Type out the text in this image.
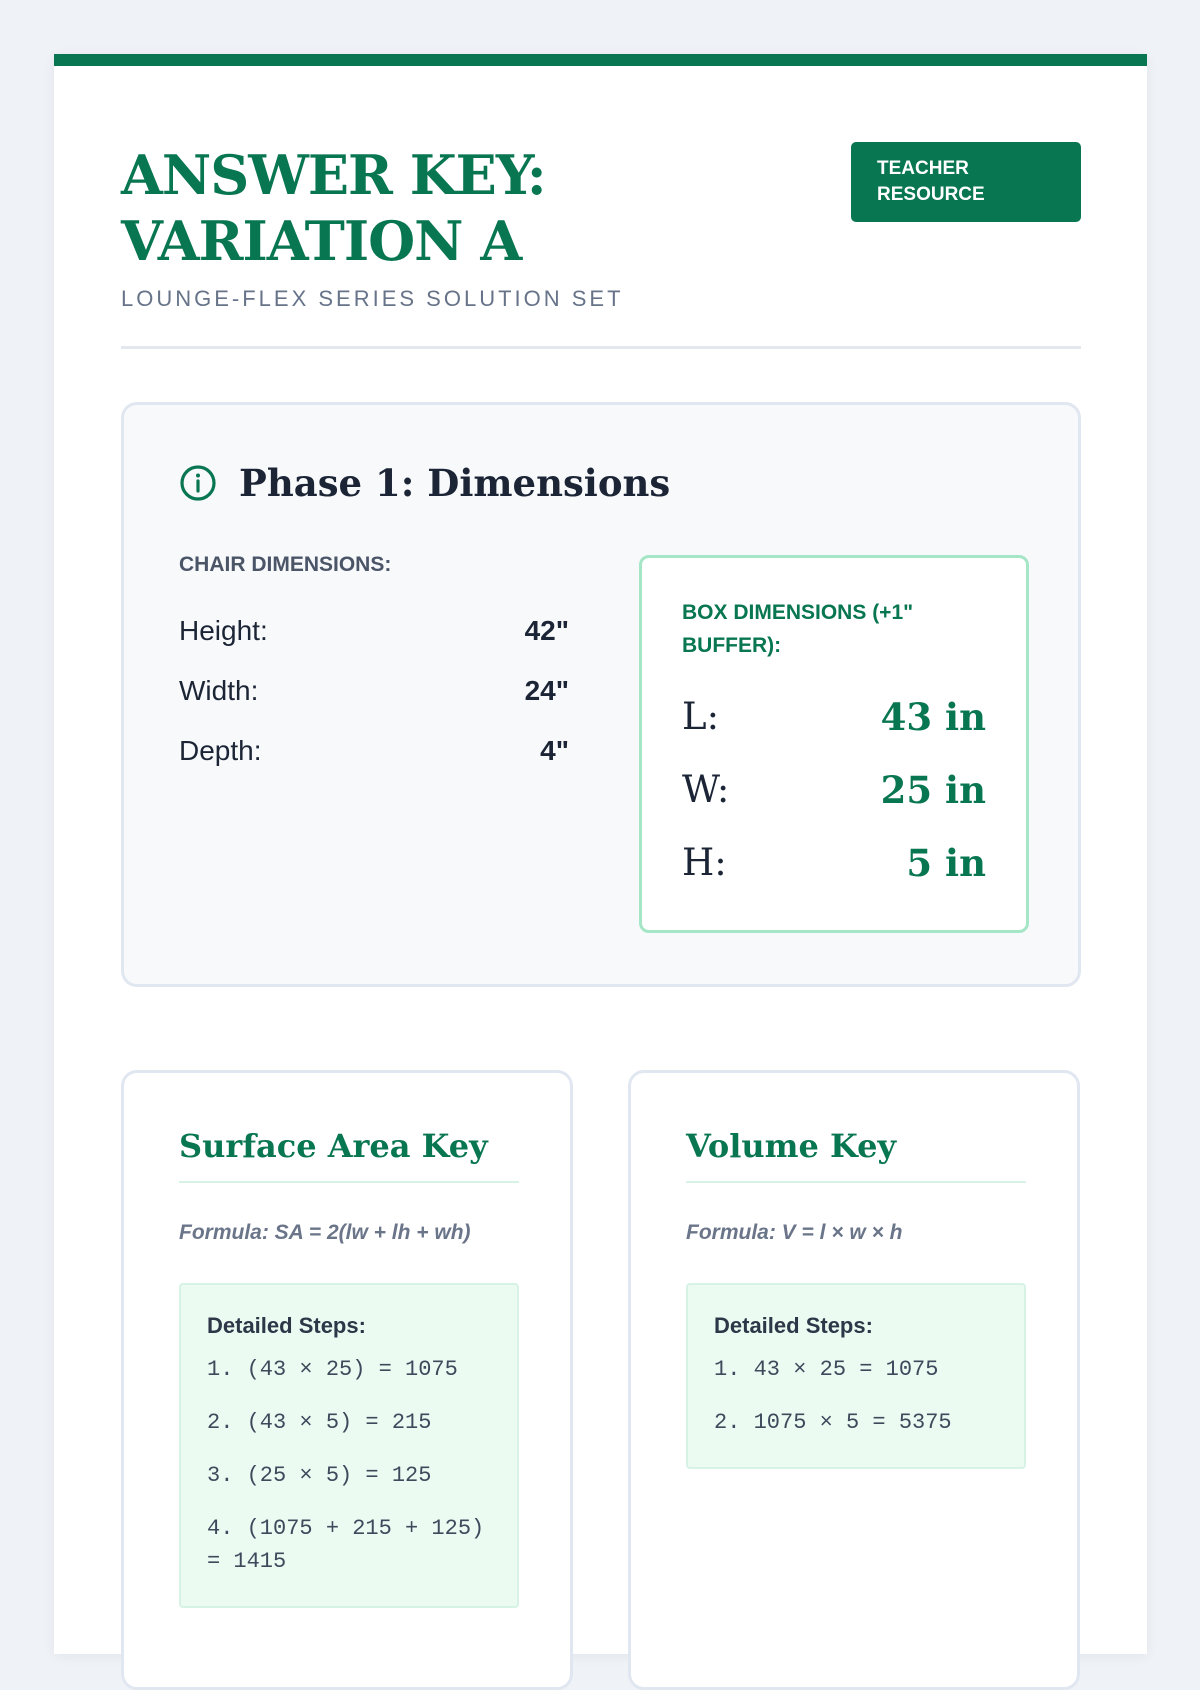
ANSWER KEY:
VARIATION A
LOUNGE-FLEX SERIES SOLUTION SET
TEACHER
RESOURCE
Phase 1: Dimensions
CHAIR DIMENSIONS:
Height:	42"
Width:	24"
Depth:	4"
BOX DIMENSIONS (+1" BUFFER):
L:	43 in
W:	25 in
H:	5 in
Surface Area Key
Formula: SA = 2(lw + lh + wh)
Detailed Steps:
1. (43 × 25) = 1075
2. (43 × 5) = 215
3. (25 × 5) = 125
4. (1075 + 215 + 125) = 1415
Volume Key
Formula: V = l × w × h
Detailed Steps:
1. 43 × 25 = 1075
2. 1075 × 5 = 5375
